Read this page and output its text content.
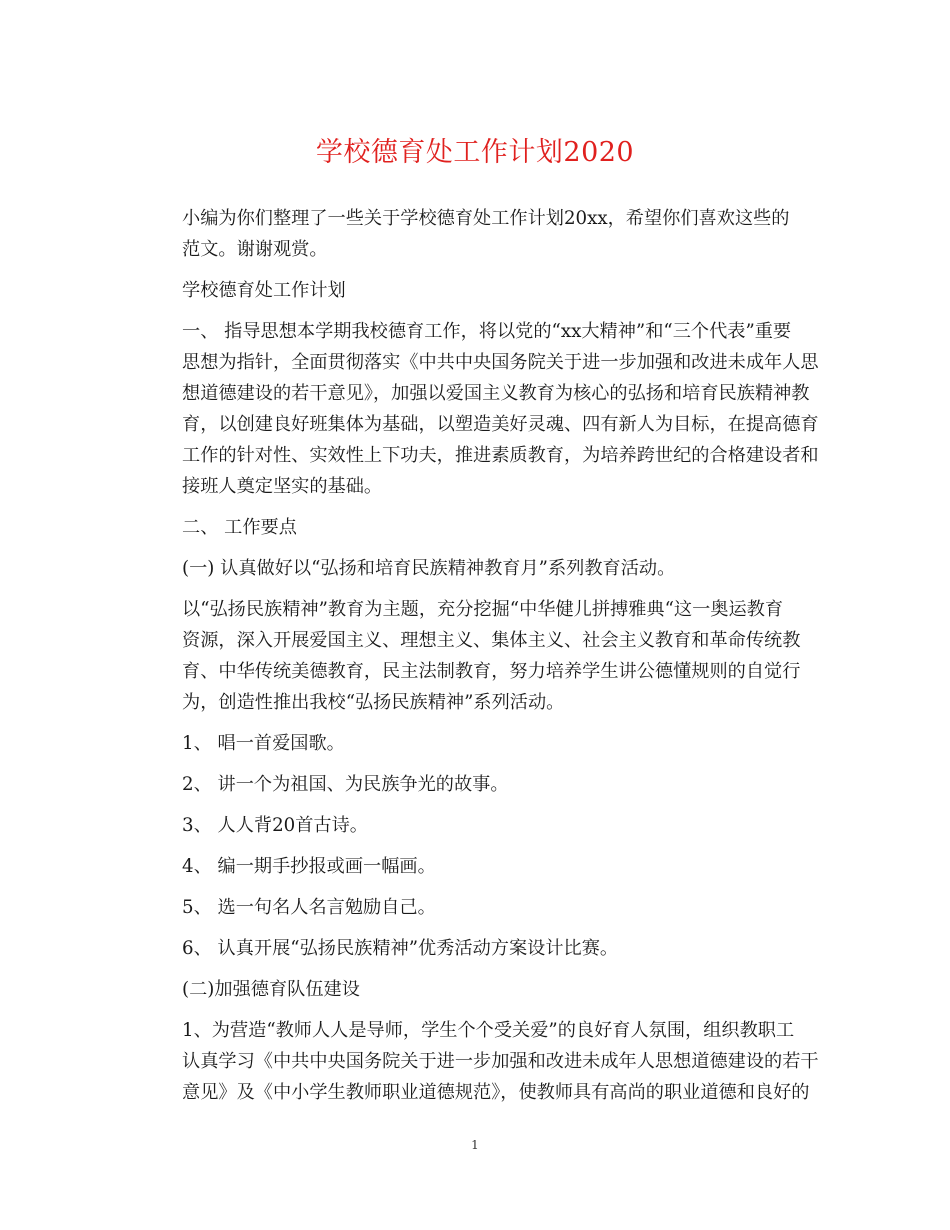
学校德育处工作计划2020

小编为你们整理了一些关于学校德育处工作计划20xx，希望你们喜欢这些的
范文。谢谢观赏。

学校德育处工作计划

一、 指导思想本学期我校德育工作，将以党的“xx大精神”和“三个代表”重要
思想为指针，全面贯彻落实《中共中央国务院关于进一步加强和改进未成年人思
想道德建设的若干意见》，加强以爱国主义教育为核心的弘扬和培育民族精神教
育，以创建良好班集体为基础，以塑造美好灵魂、四有新人为目标，在提高德育
工作的针对性、实效性上下功夫，推进素质教育，为培养跨世纪的合格建设者和
接班人奠定坚实的基础。

二、 工作要点

(一) 认真做好以“弘扬和培育民族精神教育月”系列教育活动。

以“弘扬民族精神”教育为主题，充分挖掘“中华健儿拼搏雅典“这一奥运教育
资源，深入开展爱国主义、理想主义、集体主义、社会主义教育和革命传统教
育、中华传统美德教育，民主法制教育，努力培养学生讲公德懂规则的自觉行
为，创造性推出我校“弘扬民族精神”系列活动。

1、 唱一首爱国歌。

2、 讲一个为祖国、为民族争光的故事。

3、 人人背20首古诗。

4、 编一期手抄报或画一幅画。

5、 选一句名人名言勉励自己。

6、 认真开展“弘扬民族精神”优秀活动方案设计比赛。

(二)加强德育队伍建设

1、为营造“教师人人是导师，学生个个受关爱”的良好育人氛围，组织教职工
认真学习《中共中央国务院关于进一步加强和改进未成年人思想道德建设的若干
意见》及《中小学生教师职业道德规范》，使教师具有高尚的职业道德和良好的

1
